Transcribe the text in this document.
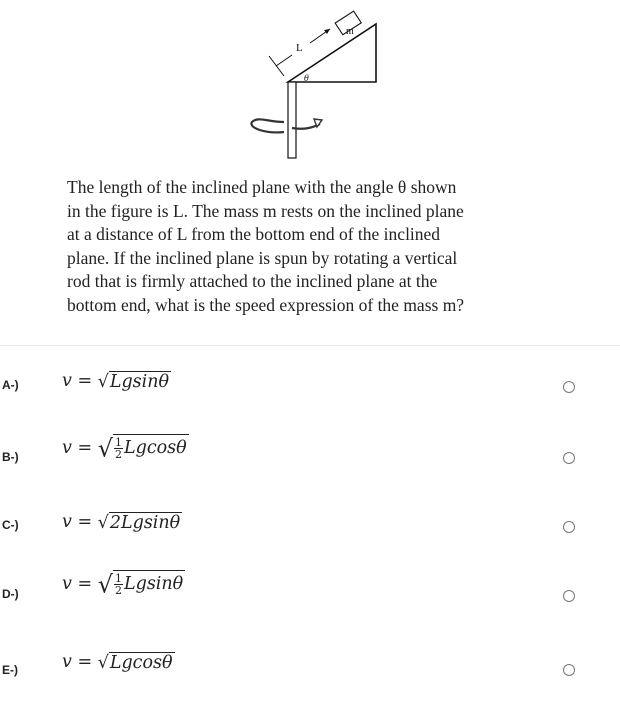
m
L
θ
The length of the inclined plane with the angle θ shown
in the figure is L. The mass m rests on the inclined plane
at a distance of L from the bottom end of the inclined
plane. If the inclined plane is spun by rotating a vertical
rod that is firmly attached to the inclined plane at the
bottom end, what is the speed expression of the mass m?
A-) v = √Lgsinθ
B-) v = √ $\frac{1}{2}$ Lgcosθ
C-) v = √2Lgsinθ
D-)
v = √ $\frac{1}{2}$ Lgsinθ
E-)	v = √Lgcosθ
